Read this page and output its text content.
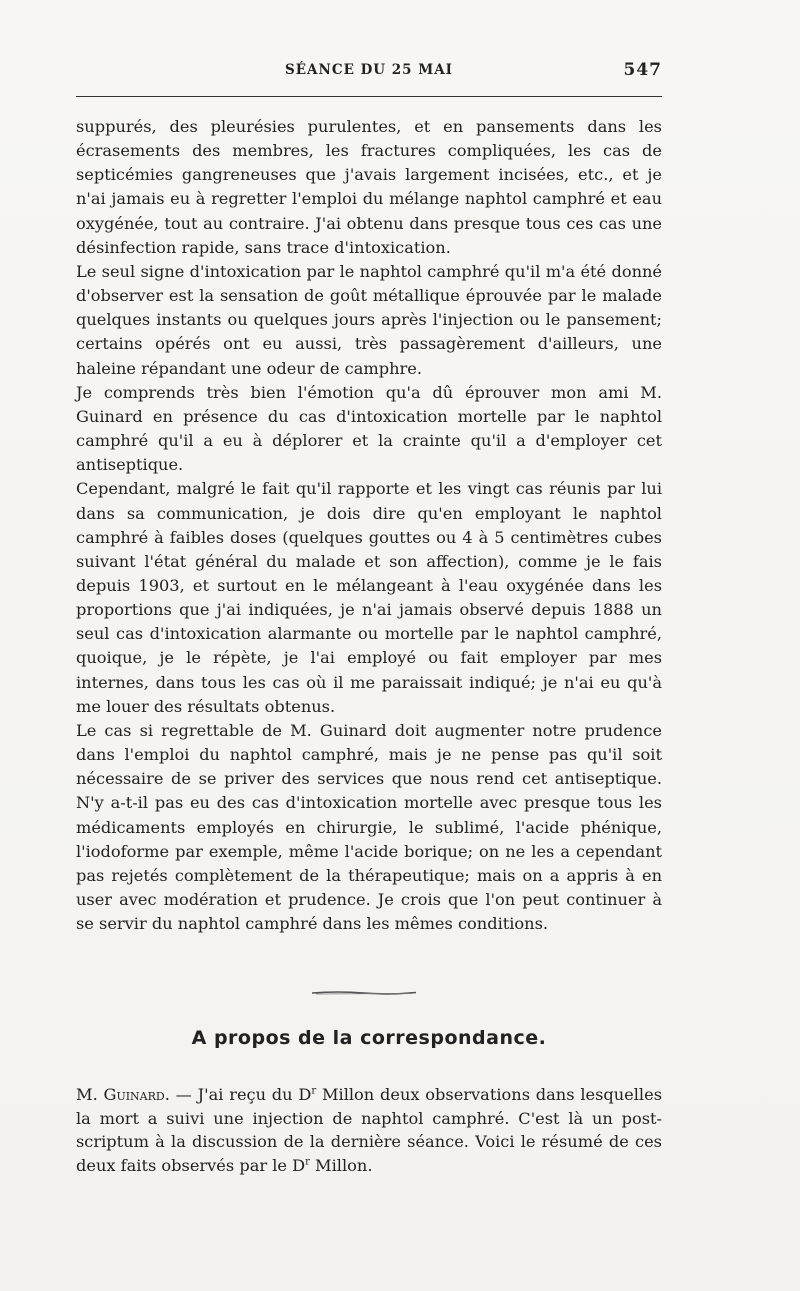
SÉANCE DU 25 MAI	547

suppurés, des pleurésies purulentes, et en pansements dans les écrasements des membres, les fractures compliquées, les cas de septicémies gangreneuses que j'avais largement incisées, etc., et je n'ai jamais eu à regretter l'emploi du mélange naphtol camphré et eau oxygénée, tout au contraire. J'ai obtenu dans presque tous ces cas une désinfection rapide, sans trace d'intoxication.

Le seul signe d'intoxication par le naphtol camphré qu'il m'a été donné d'observer est la sensation de goût métallique éprouvée par le malade quelques instants ou quelques jours après l'injection ou le pansement; certains opérés ont eu aussi, très passagèrement d'ailleurs, une haleine répandant une odeur de camphre.

Je comprends très bien l'émotion qu'a dû éprouver mon ami M. Guinard en présence du cas d'intoxication mortelle par le naphtol camphré qu'il a eu à déplorer et la crainte qu'il a d'employer cet antiseptique.

Cependant, malgré le fait qu'il rapporte et les vingt cas réunis par lui dans sa communication, je dois dire qu'en employant le naphtol camphré à faibles doses (quelques gouttes ou 4 à 5 centimètres cubes suivant l'état général du malade et son affection), comme je le fais depuis 1903, et surtout en le mélangeant à l'eau oxygénée dans les proportions que j'ai indiquées, je n'ai jamais observé depuis 1888 un seul cas d'intoxication alarmante ou mortelle par le naphtol camphré, quoique, je le répète, je l'ai employé ou fait employer par mes internes, dans tous les cas où il me paraissait indiqué; je n'ai eu qu'à me louer des résultats obtenus.

Le cas si regrettable de M. Guinard doit augmenter notre prudence dans l'emploi du naphtol camphré, mais je ne pense pas qu'il soit nécessaire de se priver des services que nous rend cet antiseptique. N'y a-t-il pas eu des cas d'intoxication mortelle avec presque tous les médicaments employés en chirurgie, le sublimé, l'acide phénique, l'iodoforme par exemple, même l'acide borique; on ne les a cependant pas rejetés complètement de la thérapeutique; mais on a appris à en user avec modération et prudence. Je crois que l'on peut continuer à se servir du naphtol camphré dans les mêmes conditions.

A propos de la correspondance.
M. Guinard. — J'ai reçu du $D^r$ Millon deux observations dans lesquelles la mort a suivi une injection de naphtol camphré. C'est là un post-scriptum à la discussion de la dernière séance. Voici le résumé de ces deux faits observés par le $D^r$ Millon.
